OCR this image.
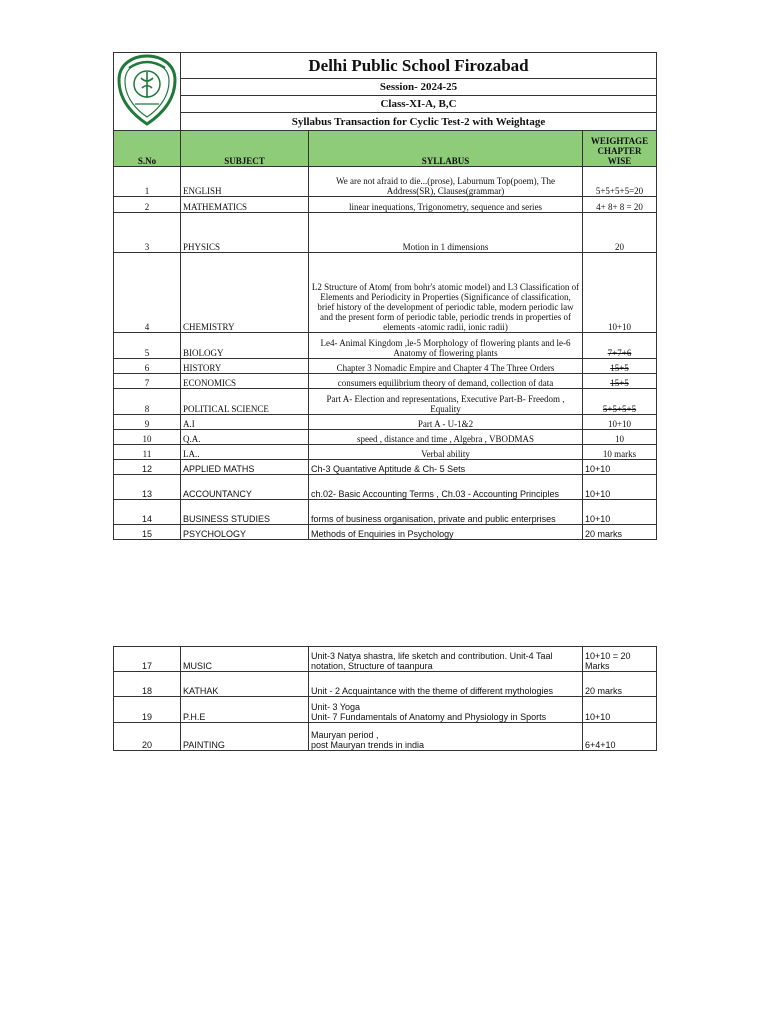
	Delhi Public School Firozabad		
	Session- 2024-25		
	Class-XI-A, B,C		
	Syllabus Transaction for Cyclic Test-2 with Weightage		
S.No	SUBJECT	SYLLABUS	WEIGHTAGE CHAPTER WISE
1	ENGLISH	We are not afraid to die...(prose), Laburnum Top(poem), The Address(SR), Clauses(grammar)	5+5+5+5=20
2	MATHEMATICS	linear inequations, Trigonometry, sequence and series	4+ 8+ 8 = 20
3	PHYSICS	Motion in 1 dimensions	20
4	CHEMISTRY	L2 Structure of Atom( from bohr's atomic model) and L3 Classification of Elements and Periodicity in Properties (Significance of classification, brief history of the development of periodic table, modern periodic law and the present form of periodic table, periodic trends in properties of elements -atomic radii, ionic radii)	10+10
5	BIOLOGY	Le4- Animal Kingdom ,le-5 Morphology of flowering plants and le-6 Anatomy of flowering plants	7+7+6
6	HISTORY	Chapter 3 Nomadic Empire and Chapter 4 The Three Orders	15+5
7	ECONOMICS	consumers equilibrium theory of demand, collection of data	15+5
8	POLITICAL SCIENCE	Part A- Election and representations, Executive Part-B- Freedom , Equality	5+5+5+5
9	A.I	Part A - U-1&2	10+10
10	Q.A.	speed , distance and time , Algebra , VBODMAS	10
11	LA..	Verbal ability	10 marks
12	APPLIED MATHS	Ch-3 Quantative Aptitude & Ch- 5 Sets	10+10
13	ACCOUNTANCY	ch.02- Basic Accounting Terms , Ch.03 - Accounting Principles	10+10
14	BUSINESS STUDIES	forms of business organisation, private and public enterprises	10+10
15	PSYCHOLOGY	Methods of Enquiries in Psychology	20 marks
17	MUSIC	Unit-3 Natya shastra, life sketch and contribution. Unit-4 Taal notation, Structure of taanpura	10+10 = 20 Marks
18	KATHAK	Unit - 2 Acquaintance with the theme of different mythologies	20 marks
19	P.H.E	Unit- 3 Yoga
Unit- 7 Fundamentals of Anatomy and Physiology in Sports	10+10
20	PAINTING	Mauryan period ,
post Mauryan trends in india	6+4+10
